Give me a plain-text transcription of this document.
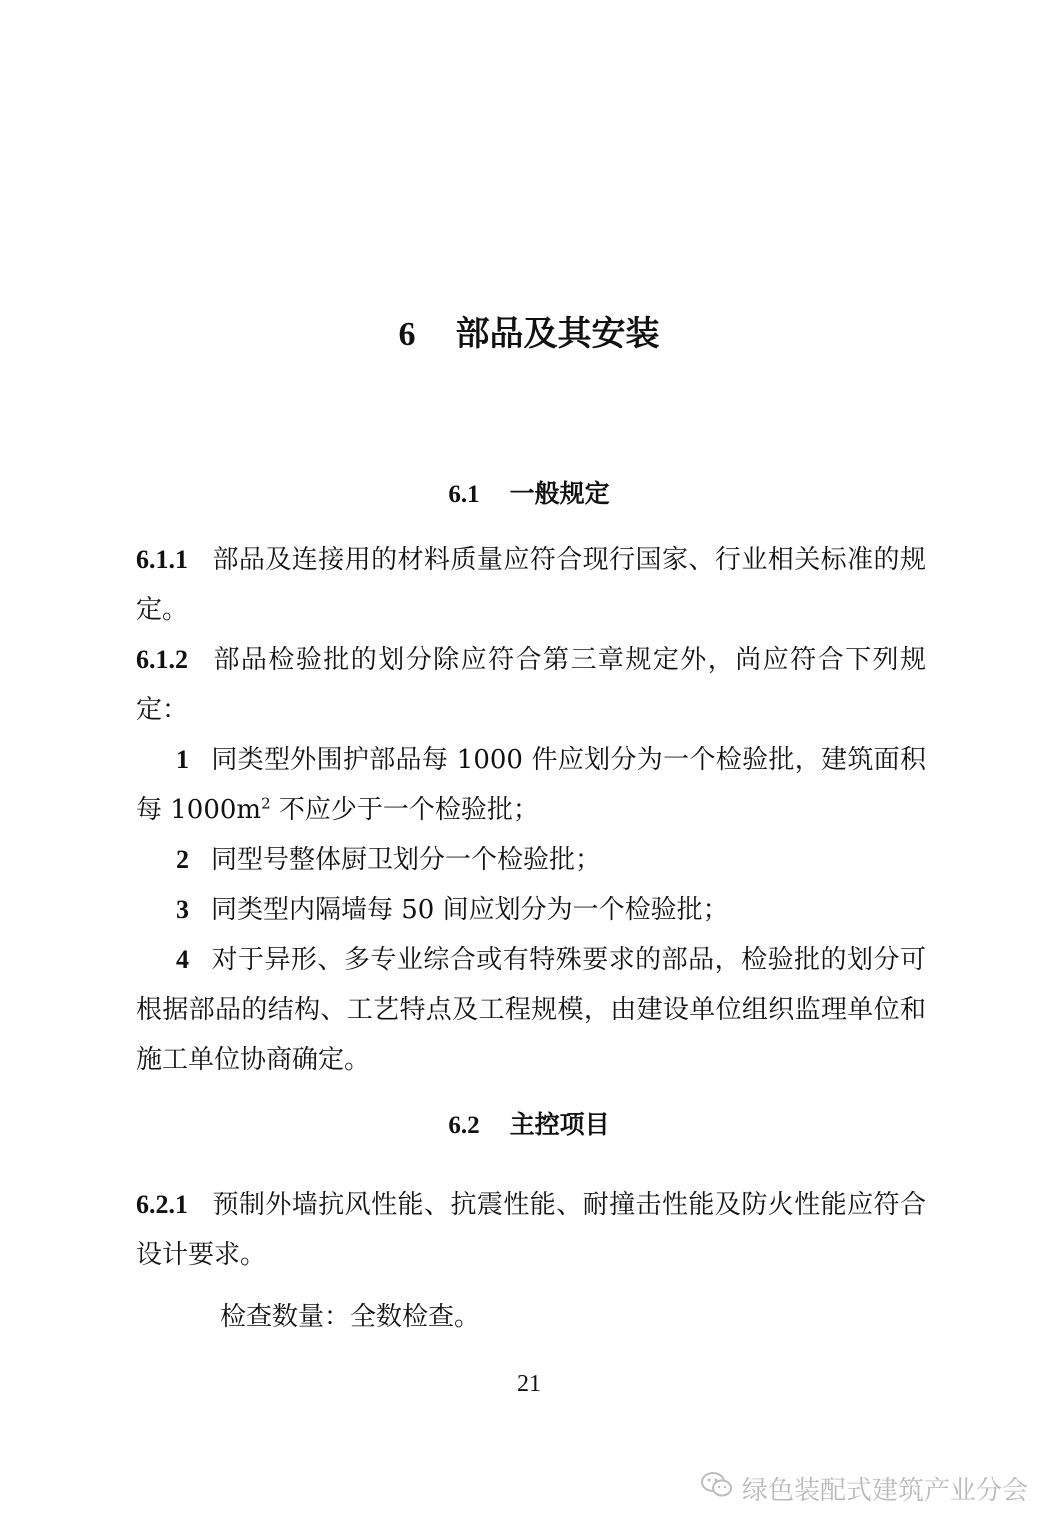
6 部品及其安装
6.1 一般规定
6.1.1 部品及连接用的材料质量应符合现行国家、行业相关标准的规定。
6.1.2 部品检验批的划分除应符合第三章规定外，尚应符合下列规定：
1 同类型外围护部品每 1000 件应划分为一个检验批，建筑面积每 $1000m^2$ 不应少于一个检验批；
2 同型号整体厨卫划分一个检验批；
3 同类型内隔墙每 50 间应划分为一个检验批；
4 对于异形、多专业综合或有特殊要求的部品，检验批的划分可根据部品的结构、工艺特点及工程规模，由建设单位组织监理单位和施工单位协商确定。
6.2 主控项目
6.2.1 预制外墙抗风性能、抗震性能、耐撞击性能及防火性能应符合设计要求。
检查数量：全数检查。
21
绿色装配式建筑产业分会
